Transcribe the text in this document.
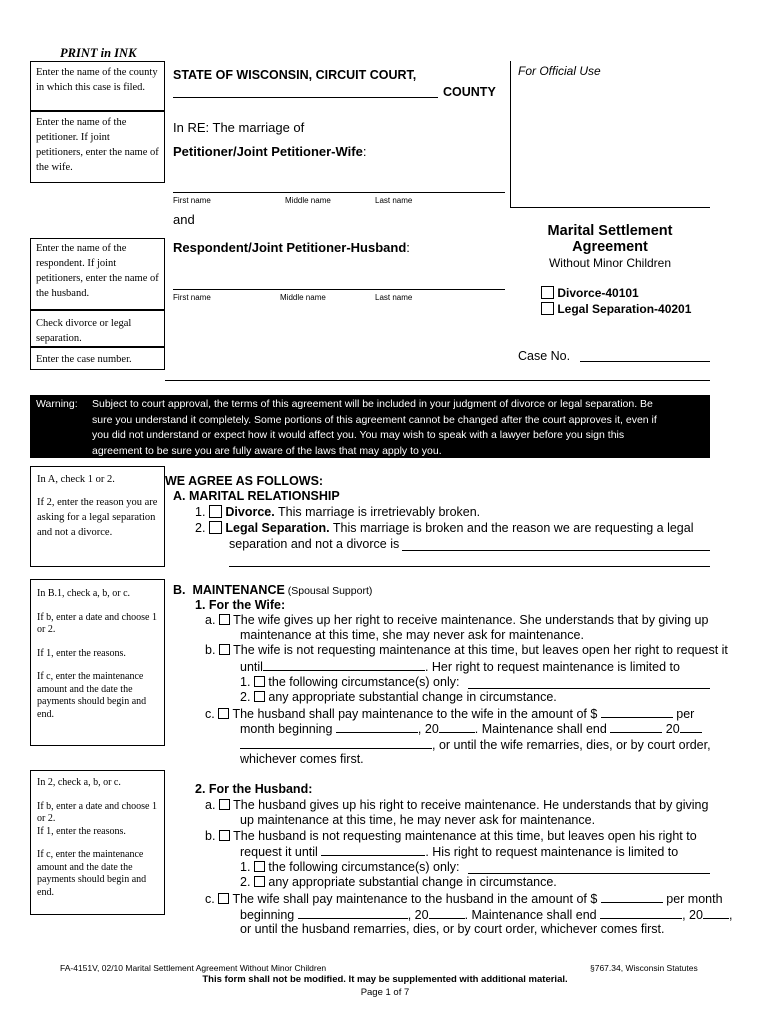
PRINT in INK
Enter the name of the county in which this case is filed.
Enter the name of the petitioner. If joint petitioners, enter the name of the wife.
Enter the name of the respondent. If joint petitioners, enter the name of the husband.
Check divorce or legal separation.
Enter the case number.
STATE OF WISCONSIN, CIRCUIT COURT,	For Official Use
COUNTY
In RE: The marriage of
Petitioner/Joint Petitioner-Wife:
First name	Middle name	Last name
and
Respondent/Joint Petitioner-Husband:
First name	Middle name	Last name
Marital Settlement
Agreement
Without Minor Children
Divorce-40101
Legal Separation-40201
Case No.
Warning: Subject to court approval, the terms of this agreement will be included in your judgment of divorce or legal separation. Be
sure you understand it completely. Some portions of this agreement cannot be changed after the court approves it, even if
you did not understand or expect how it would affect you. You may wish to speak with a lawyer before you sign this
agreement to be sure you are fully aware of the laws that may apply to you.
In A, check 1 or 2.
If 2, enter the reason you are asking for a legal separation and not a divorce.
In B.1, check a, b, or c.
If b, enter a date and choose 1 or 2.
If 1, enter the reasons.
If c, enter the maintenance amount and the date the payments should begin and end.
In 2, check a, b, or c.
If b, enter a date and choose 1 or 2.
If 1, enter the reasons.
If c, enter the maintenance amount and the date the payments should begin and end.
WE AGREE AS FOLLOWS:
A. MARITAL RELATIONSHIP
1. Divorce. This marriage is irretrievably broken.
2. Legal Separation. This marriage is broken and the reason we are requesting a legal
separation and not a divorce is
B. MAINTENANCE (Spousal Support)
1. For the Wife:
a. The wife gives up her right to receive maintenance. She understands that by giving up
maintenance at this time, she may never ask for maintenance.
b. The wife is not requesting maintenance at this time, but leaves open her right to request it
until	. Her right to request maintenance is limited to
1. the following circumstance(s) only:
2. any appropriate substantial change in circumstance.
c. The husband shall pay maintenance to the wife in the amount of $	per
month beginning	, 20	. Maintenance shall end	20
, or until the wife remarries, dies, or by court order,
whichever comes first.
2. For the Husband:
a. The husband gives up his right to receive maintenance. He understands that by giving
up maintenance at this time, he may never ask for maintenance.
b. The husband is not requesting maintenance at this time, but leaves open his right to
request it until	. His right to request maintenance is limited to
1. the following circumstance(s) only:
2. any appropriate substantial change in circumstance.
c. The wife shall pay maintenance to the husband in the amount of $	per month
beginning	, 20	. Maintenance shall end	, 20 ,
or until the husband remarries, dies, or by court order, whichever comes first.
FA-4151V, 02/10 Marital Settlement Agreement Without Minor Children	§767.34, Wisconsin Statutes
This form shall not be modified. It may be supplemented with additional material.
Page 1 of 7
